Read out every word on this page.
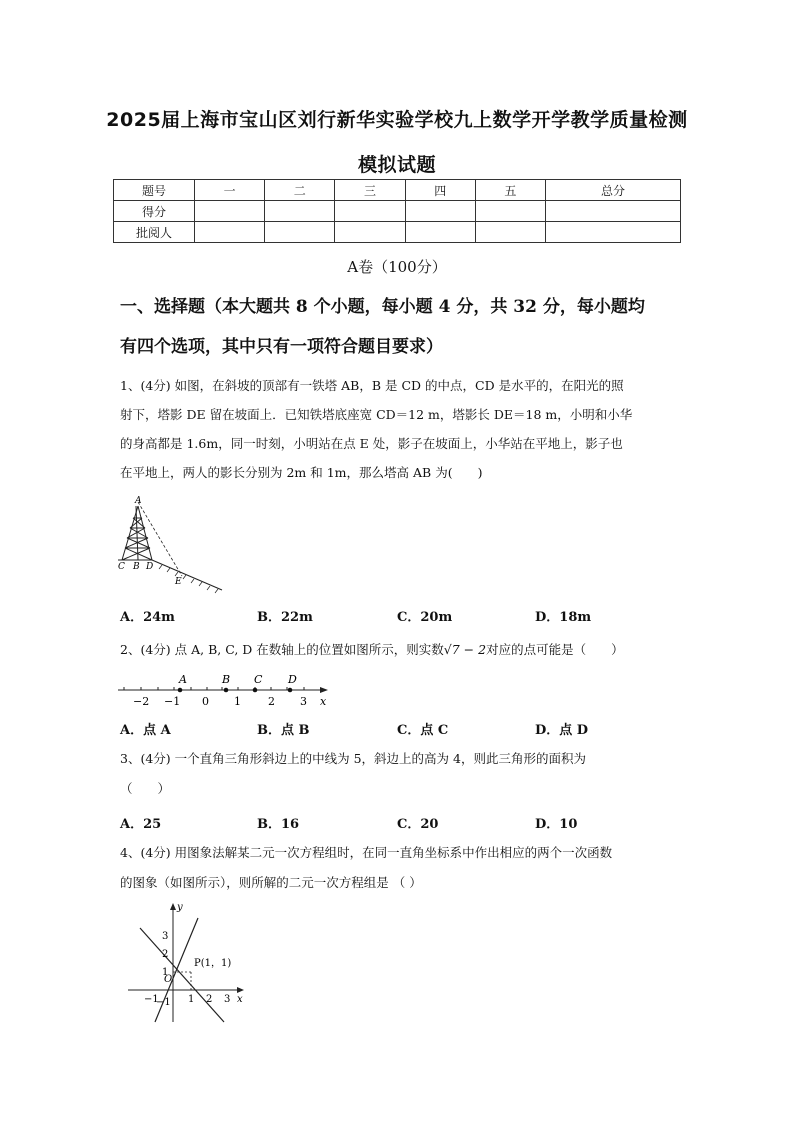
2025届上海市宝山区刘行新华实验学校九上数学开学教学质量检测
模拟试题
题号	一	二	三	四	五	总分
得分						
批阅人						
A卷（100分）
一、选择题（本大题共 8 个小题，每小题 4 分，共 32 分，每小题均
有四个选项，其中只有一项符合题目要求）
1、(4分) 如图，在斜坡的顶部有一铁塔 AB，B 是 CD 的中点，CD 是水平的，在阳光的照
射下，塔影 DE 留在坡面上．已知铁塔底座宽 CD＝12 m，塔影长 DE＝18 m，小明和小华
的身高都是 1.6m，同一时刻，小明站在点 E 处，影子在坡面上，小华站在平地上，影子也
在平地上，两人的影长分别为 2m 和 1m，那么塔高 AB 为(　　)
A
C B D
E
A．24m	B．22m	C．20m	D．18m
2、(4分) 点 A, B, C, D 在数轴上的位置如图所示，则实数√7 − 2对应的点可能是（　　）
A	B C D
−2 −1 0 1 2 3 x
A．点 A	B．点 B	C．点 C	D．点 D
3、(4分) 一个直角三角形斜边上的中线为 5，斜边上的高为 4，则此三角形的面积为
（　　）
A．25	B．16	C．20	D．10
4、(4分) 用图象法解某二元一次方程组时，在同一直角坐标系中作出相应的两个一次函数
的图象（如图所示），则所解的二元一次方程组是 （ ）
P(1，1)
y
x
O
−1	1 2 3
3
2
1
−1
